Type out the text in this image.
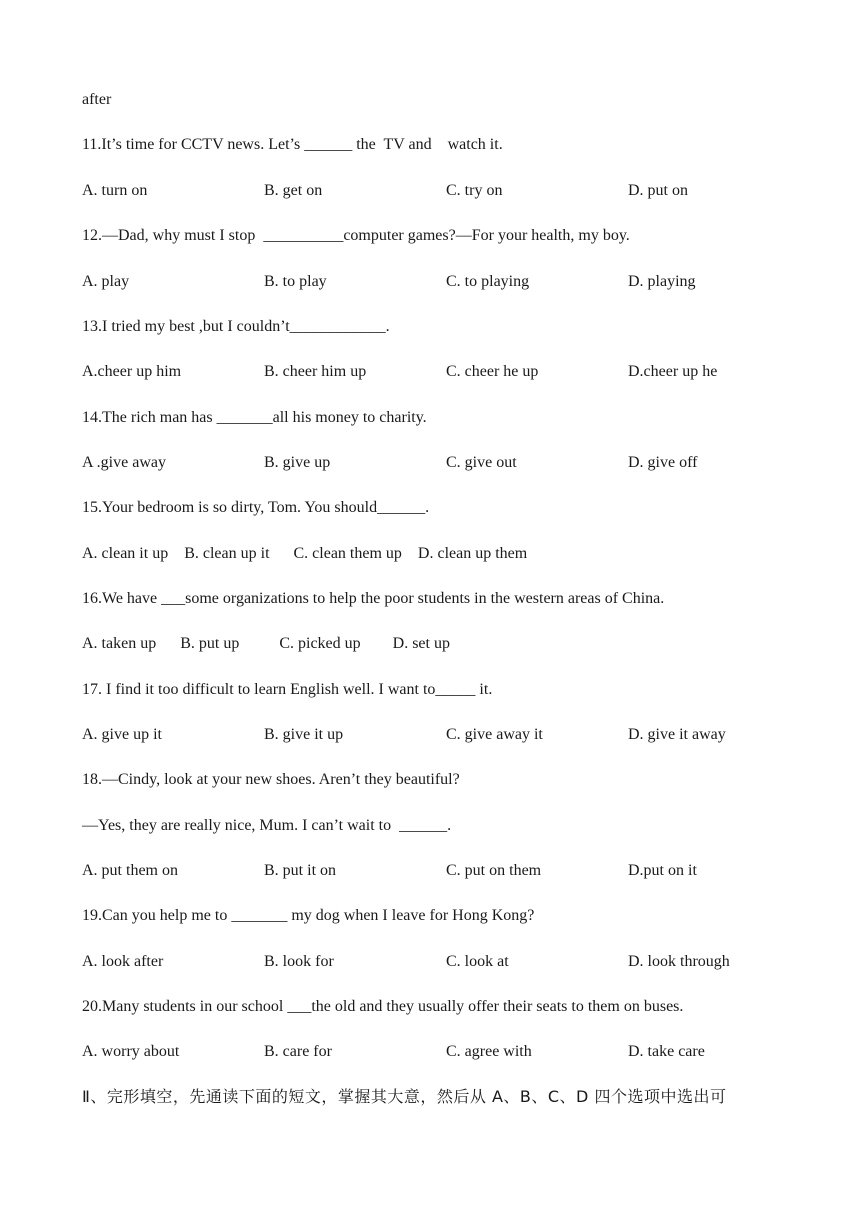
after
11.It’s time for CCTV news. Let’s ______ the  TV and    watch it.
A. turn on	B. get on	C. try on	D. put on
12.—Dad, why must I stop  __________computer games?—For your health, my boy.
A. play	B. to play	C. to playing	D. playing
13.I tried my best ,but I couldn’t____________.
A.cheer up him	B. cheer him up	C. cheer he up	D.cheer up he
14.The rich man has _______all his money to charity.
A .give away	B. give up	C. give out	D. give off
15.Your bedroom is so dirty, Tom. You should______.
A. clean it up    B. clean up it      C. clean them up    D. clean up them
16.We have ___some organizations to help the poor students in the western areas of China.
A. taken up      B. put up          C. picked up        D. set up
17. I find it too difficult to learn English well. I want to_____ it.
A. give up it	B. give it up	C. give away it	D. give it away
18.—Cindy, look at your new shoes. Aren’t they beautiful?
—Yes, they are really nice, Mum. I can’t wait to  ______.
A. put them on	B. put it on	C. put on them	D.put on it
19.Can you help me to _______ my dog when I leave for Hong Kong?
A. look after	B. look for	C. look at	D. look through
20.Many students in our school ___the old and they usually offer their seats to them on buses.
A. worry about	B. care for	C. agree with	D. take care
Ⅱ、完形填空，先通读下面的短文，掌握其大意，然后从 A、B、C、D 四个选项中选出可
